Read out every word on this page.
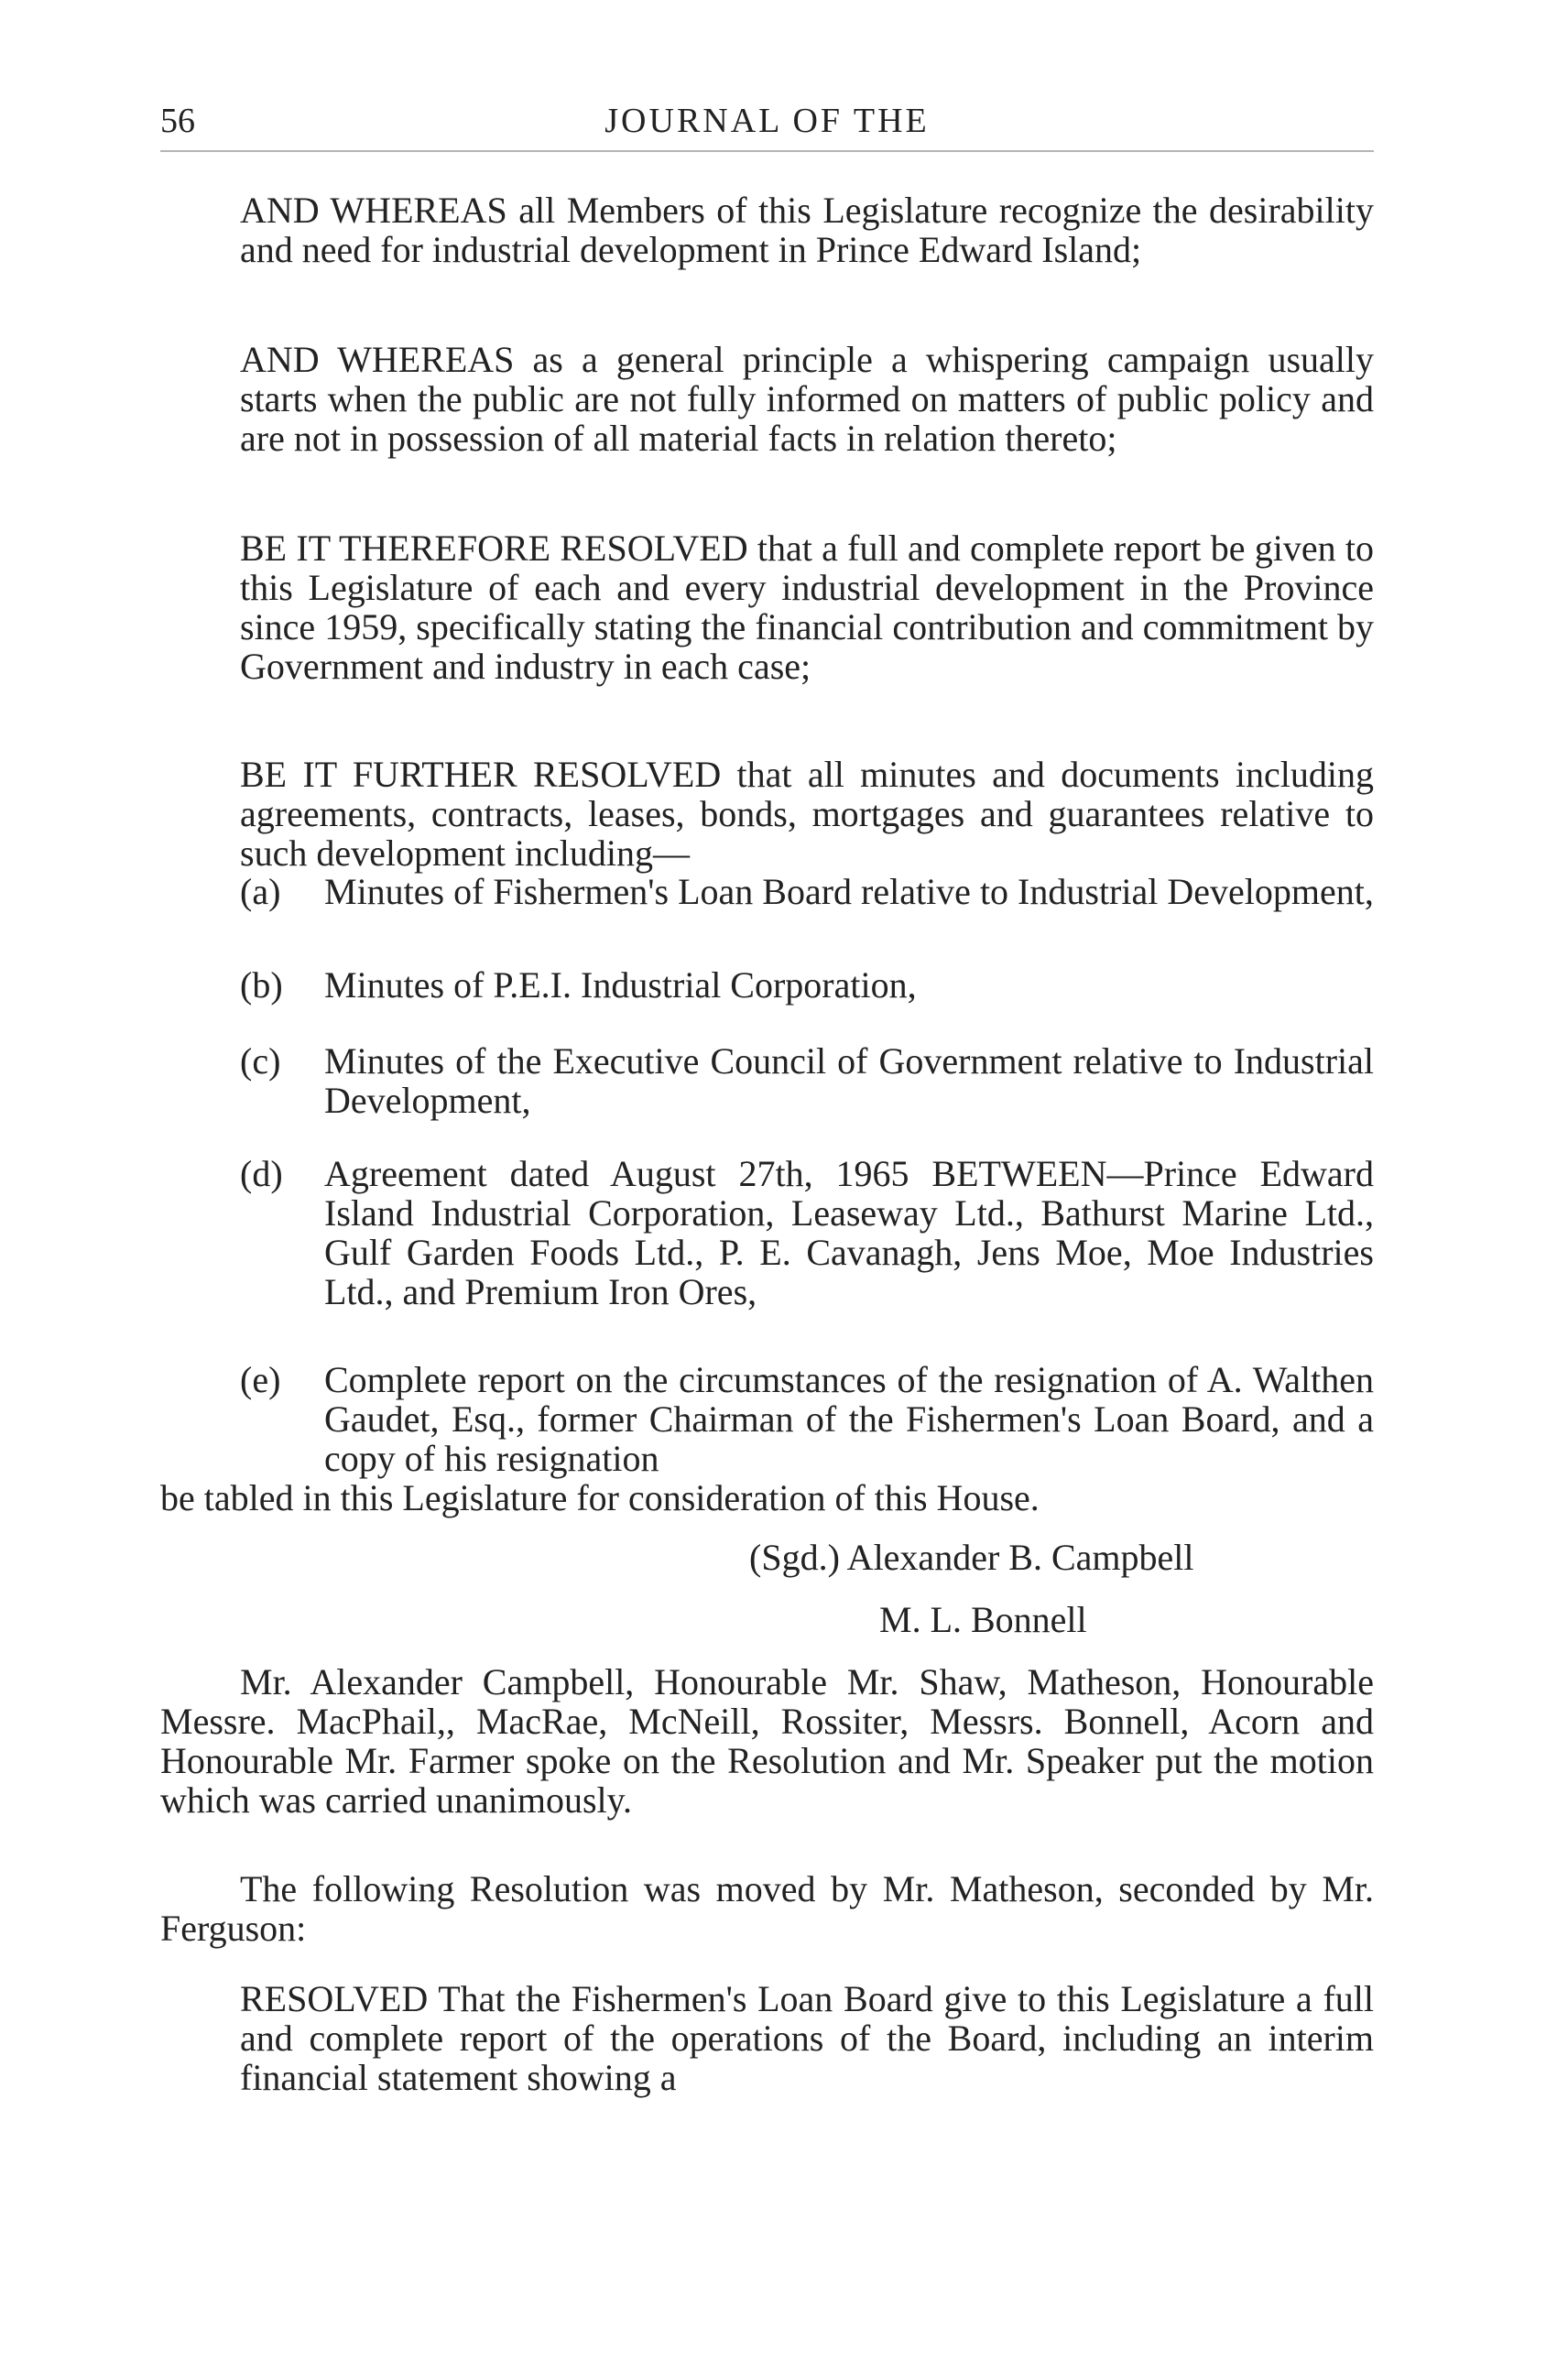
56	JOURNAL OF THE

AND WHEREAS all Members of this Legislature recognize the desirability and need for industrial development in Prince Edward Island;

AND WHEREAS as a general principle a whispering campaign usually starts when the public are not fully informed on matters of public policy and are not in possession of all material facts in relation thereto;

BE IT THEREFORE RESOLVED that a full and complete report be given to this Legislature of each and every industrial development in the Province since 1959, specifically stating the financial contribution and commitment by Government and industry in each case;

BE IT FURTHER RESOLVED that all minutes and documents including agreements, contracts, leases, bonds, mortgages and guarantees relative to such development including—

(a)	Minutes of Fishermen's Loan Board relative to Industrial Development,
(b)	Minutes of P.E.I. Industrial Corporation,
(c)	Minutes of the Executive Council of Government relative to Industrial Development,
(d)	Agreement dated August 27th, 1965 BETWEEN—Prince Edward Island Industrial Corporation, Leaseway Ltd., Bathurst Marine Ltd., Gulf Garden Foods Ltd., P. E. Cavanagh, Jens Moe, Moe Industries Ltd., and Premium Iron Ores,
(e)	Complete report on the circumstances of the resignation of A. Walthen Gaudet, Esq., former Chairman of the Fishermen's Loan Board, and a copy of his resignation
be tabled in this Legislature for consideration of this House.
(Sgd.) Alexander B. Campbell
M. L. Bonnell

Mr. Alexander Campbell, Honourable Mr. Shaw, Matheson, Honourable Messre. MacPhail,, MacRae, McNeill, Rossiter, Messrs. Bonnell, Acorn and Honourable Mr. Farmer spoke on the Resolution and Mr. Speaker put the motion which was carried unanimously.

The following Resolution was moved by Mr. Matheson, seconded by Mr. Ferguson:

RESOLVED That the Fishermen's Loan Board give to this Legislature a full and complete report of the operations of the Board, including an interim financial statement showing a
